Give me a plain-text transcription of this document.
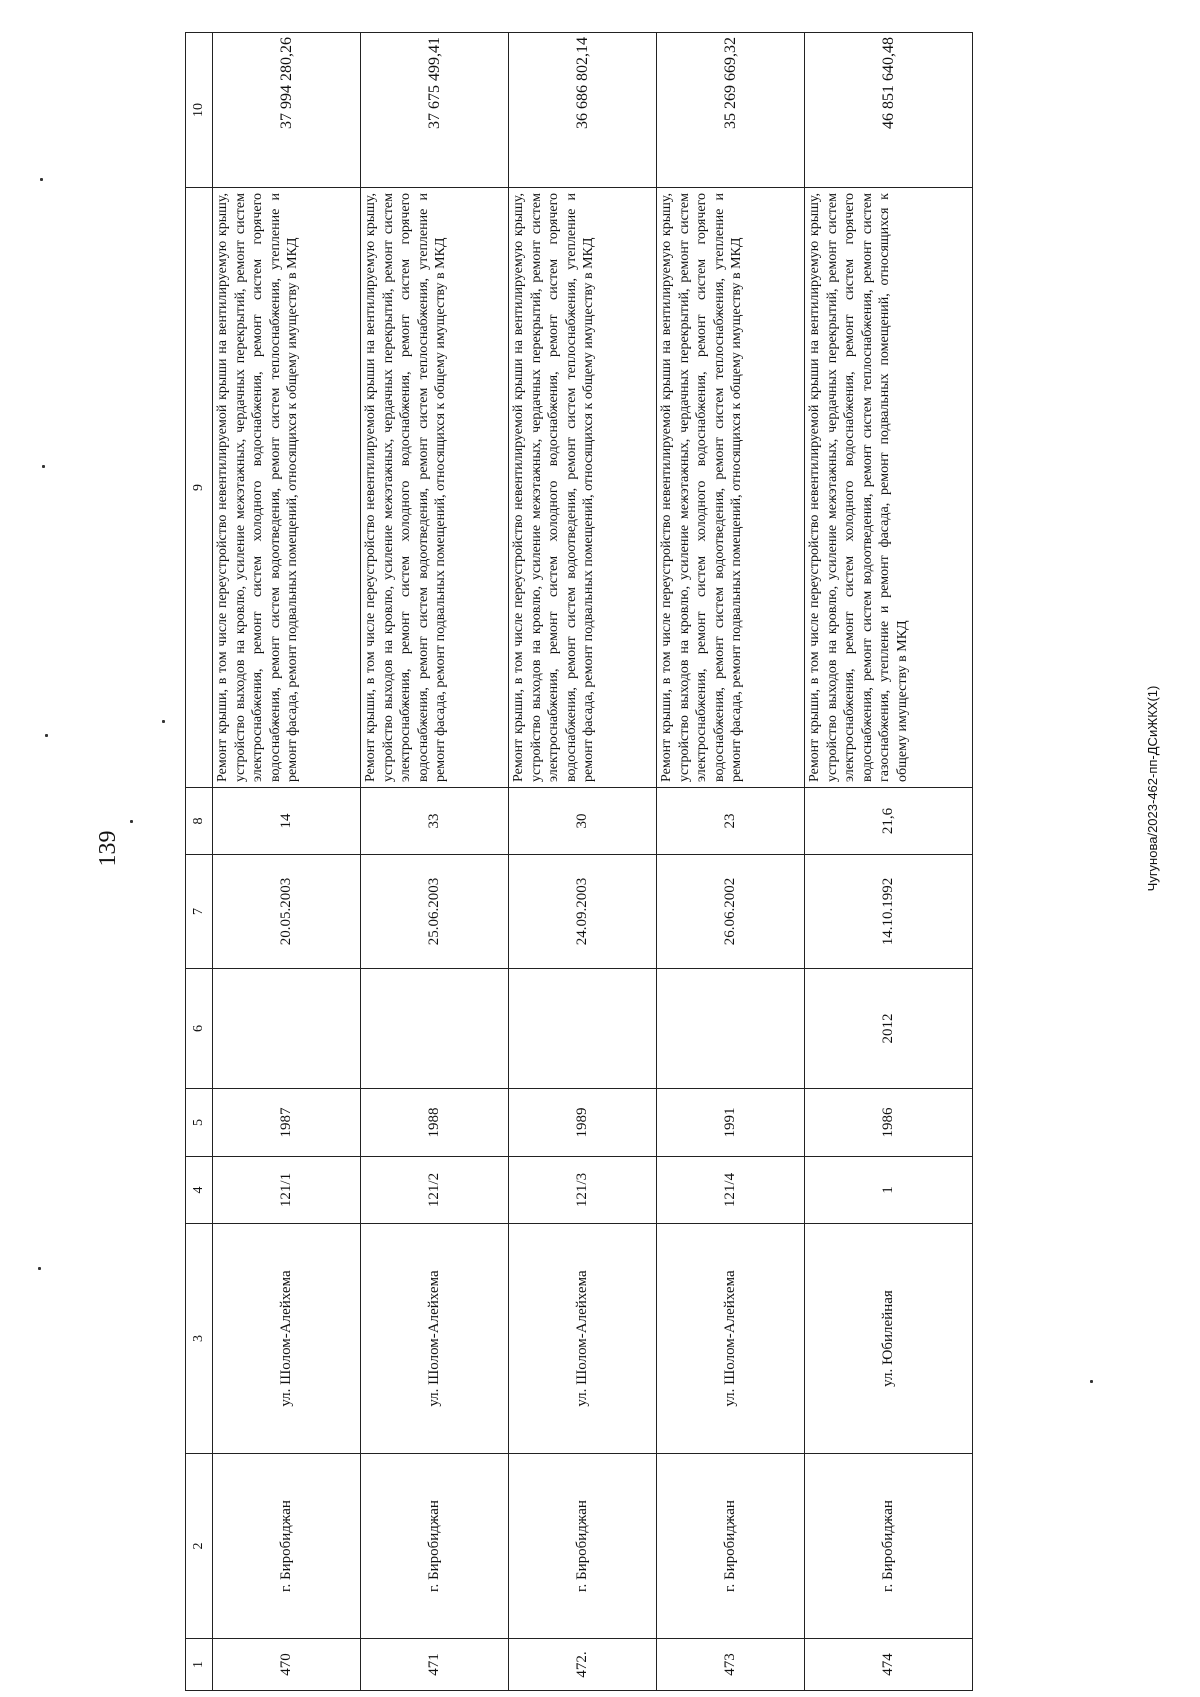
139
1	2	3	4	5	6	7	8	9	10
470	г. Биробиджан	ул. Шолом-Алейхема	121/1	1987		20.05.2003	14	Ремонт крыши, в том числе переустройство невентилируемой крыши на вентилируемую крышу, устройство выходов на кровлю, усиление межэтажных, чердачных перекрытий, ремонт систем электроснабжения, ремонт систем холодного водоснабжения, ремонт систем горячего водоснабжения, ремонт систем водоотведения, ремонт систем теплоснабжения, утепление и ремонт фасада, ремонт подвальных помещений, относящихся к общему имуществу в МКД	37 994 280,26
471	г. Биробиджан	ул. Шолом-Алейхема	121/2	1988		25.06.2003	33	Ремонт крыши, в том числе переустройство невентилируемой крыши на вентилируемую крышу, устройство выходов на кровлю, усиление межэтажных, чердачных перекрытий, ремонт систем электроснабжения, ремонт систем холодного водоснабжения, ремонт систем горячего водоснабжения, ремонт систем водоотведения, ремонт систем теплоснабжения, утепление и ремонт фасада, ремонт подвальных помещений, относящихся к общему имуществу в МКД	37 675 499,41
472.	г. Биробиджан	ул. Шолом-Алейхема	121/3	1989		24.09.2003	30	Ремонт крыши, в том числе переустройство невентилируемой крыши на вентилируемую крышу, устройство выходов на кровлю, усиление межэтажных, чердачных перекрытий, ремонт систем электроснабжения, ремонт систем холодного водоснабжения, ремонт систем горячего водоснабжения, ремонт систем водоотведения, ремонт систем теплоснабжения, утепление и ремонт фасада, ремонт подвальных помещений, относящихся к общему имуществу в МКД	36 686 802,14
473	г. Биробиджан	ул. Шолом-Алейхема	121/4	1991		26.06.2002	23	Ремонт крыши, в том числе переустройство невентилируемой крыши на вентилируемую крышу, устройство выходов на кровлю, усиление межэтажных, чердачных перекрытий, ремонт систем электроснабжения, ремонт систем холодного водоснабжения, ремонт систем горячего водоснабжения, ремонт систем водоотведения, ремонт систем теплоснабжения, утепление и ремонт фасада, ремонт подвальных помещений, относящихся к общему имуществу в МКД	35 269 669,32
474	г. Биробиджан	ул. Юбилейная	1	1986	2012	14.10.1992	21,6	Ремонт крыши, в том числе переустройство невентилируемой крыши на вентилируемую крышу, устройство выходов на кровлю, усиление межэтажных, чердачных перекрытий, ремонт систем электроснабжения, ремонт систем холодного водоснабжения, ремонт систем горячего водоснабжения, ремонт систем водоотведения, ремонт систем теплоснабжения, ремонт систем газоснабжения, утепление и ремонт фасада, ремонт подвальных помещений, относящихся к общему имуществу в МКД	46 851 640,48
Чугунова/2023-462-пп-ДСиЖКХ(1)
